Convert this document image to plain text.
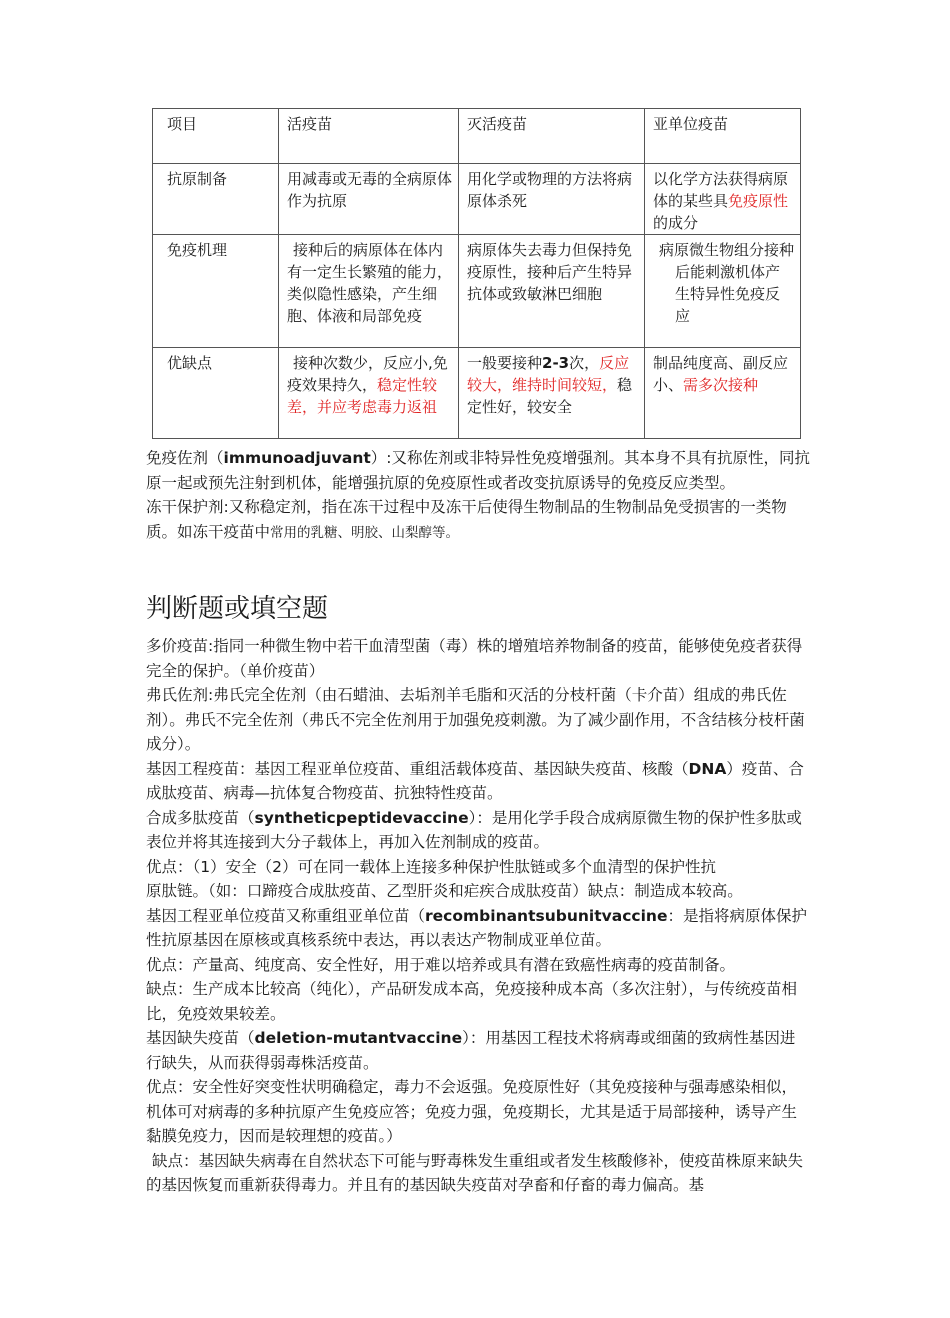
项目	活疫苗	灭活疫苗	亚单位疫苗
抗原制备	用减毒或无毒的全病原体作为抗原	用化学或物理的方法将病原体杀死	以化学方法获得病原体的某些具免疫原性的成分
免疫机理	接种后的病原体在体内有一定生长繁殖的能力，类似隐性感染，产生细胞、体液和局部免疫	病原体失去毒力但保持免疫原性，接种后产生特异抗体或致敏淋巴细胞	病原微生物组分接种后能刺激机体产生特异性免疫反应

优缺点	接种次数少，反应小,免疫效果持久，稳定性较差，并应考虑毒力返祖	一般要接种2-3次，反应较大，维持时间较短，稳定性好，较安全	制品纯度高、副反应小、需多次接种

免疫佐剂（immunoadjuvant）:又称佐剂或非特异性免疫增强剂。其本身不具有抗原性，同抗原一起或预先注射到机体，能增强抗原的免疫原性或者改变抗原诱导的免疫反应类型。

冻干保护剂:又称稳定剂，指在冻干过程中及冻干后使得生物制品的生物制品免受损害的一类物质。如冻干疫苗中常用的乳糖、明胶、山梨醇等。

判断题或填空题

多价疫苗:指同一种微生物中若干血清型菌（毒）株的增殖培养物制备的疫苗，能够使免疫者获得完全的保护。（单价疫苗）

弗氏佐剂:弗氏完全佐剂（由石蜡油、去垢剂羊毛脂和灭活的分枝杆菌（卡介苗）组成的弗氏佐剂）。弗氏不完全佐剂（弗氏不完全佐剂用于加强免疫刺激。为了减少副作用，不含结核分枝杆菌成分）。

基因工程疫苗：基因工程亚单位疫苗、重组活载体疫苗、基因缺失疫苗、核酸（DNA）疫苗、合成肽疫苗、病毒—抗体复合物疫苗、抗独特性疫苗。

合成多肽疫苗（syntheticpeptidevaccine）：是用化学手段合成病原微生物的保护性多肽或表位并将其连接到大分子载体上，再加入佐剂制成的疫苗。

优点：（1）安全（2）可在同一载体上连接多种保护性肽链或多个血清型的保护性抗
原肽链。（如：口蹄疫合成肽疫苗、乙型肝炎和疟疾合成肽疫苗）缺点：制造成本较高。

基因工程亚单位疫苗又称重组亚单位苗（recombinantsubunitvaccine：是指将病原体保护性抗原基因在原核或真核系统中表达，再以表达产物制成亚单位苗。

优点：产量高、纯度高、安全性好，用于难以培养或具有潜在致癌性病毒的疫苗制备。

缺点：生产成本比较高（纯化），产品研发成本高，免疫接种成本高（多次注射），与传统疫苗相比，免疫效果较差。

基因缺失疫苗（deletion-mutantvaccine）：用基因工程技术将病毒或细菌的致病性基因进行缺失，从而获得弱毒株活疫苗。

优点：安全性好突变性状明确稳定，毒力不会返强。免疫原性好（其免疫接种与强毒感染相似，机体可对病毒的多种抗原产生免疫应答；免疫力强，免疫期长，尤其是适于局部接种，诱导产生黏膜免疫力，因而是较理想的疫苗。）

缺点：基因缺失病毒在自然状态下可能与野毒株发生重组或者发生核酸修补，使疫苗株原来缺失的基因恢复而重新获得毒力。并且有的基因缺失疫苗对孕畜和仔畜的毒力偏高。基
